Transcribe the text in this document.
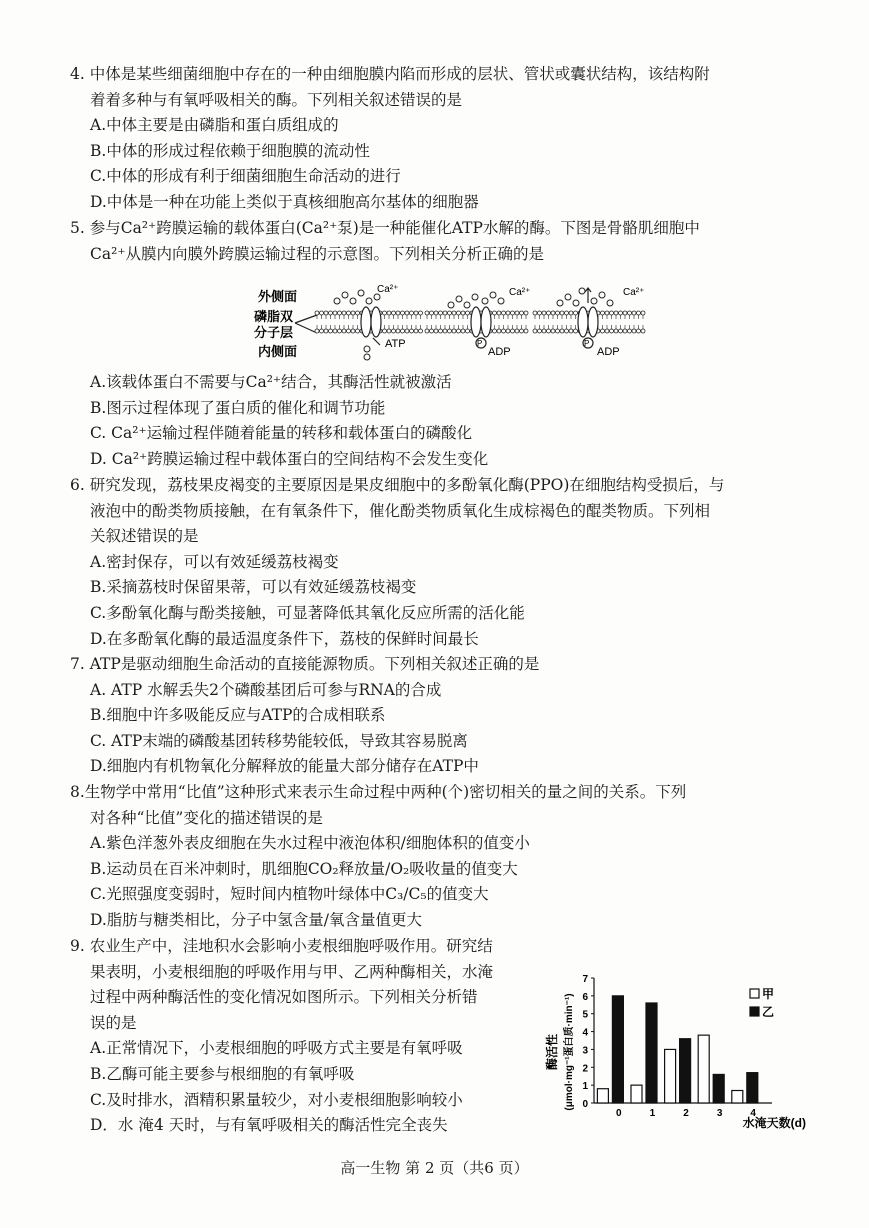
4. 中体是某些细菌细胞中存在的一种由细胞膜内陷而形成的层状、管状或囊状结构，该结构附
着着多种与有氧呼吸相关的酶。下列相关叙述错误的是
A.中体主要是由磷脂和蛋白质组成的
B.中体的形成过程依赖于细胞膜的流动性
C.中体的形成有利于细菌细胞生命活动的进行
D.中体是一种在功能上类似于真核细胞高尔基体的细胞器
5. 参与Ca²⁺跨膜运输的载体蛋白(Ca²⁺泵)是一种能催化ATP水解的酶。下图是骨骼肌细胞中
Ca²⁺从膜内向膜外跨膜运输过程的示意图。下列相关分析正确的是
外侧面
内侧面
磷脂双
分子层
Ca²⁺	Ca²⁺	Ca²⁺
ATP
ADP	ADP
P	P
A.该载体蛋白不需要与Ca²⁺结合，其酶活性就被激活
B.图示过程体现了蛋白质的催化和调节功能
C. Ca²⁺运输过程伴随着能量的转移和载体蛋白的磷酸化
D. Ca²⁺跨膜运输过程中载体蛋白的空间结构不会发生变化
6. 研究发现，荔枝果皮褐变的主要原因是果皮细胞中的多酚氧化酶(PPO)在细胞结构受损后，与
液泡中的酚类物质接触，在有氧条件下，催化酚类物质氧化生成棕褐色的醌类物质。下列相
关叙述错误的是
A.密封保存，可以有效延缓荔枝褐变
B.采摘荔枝时保留果蒂，可以有效延缓荔枝褐变
C.多酚氧化酶与酚类接触，可显著降低其氧化反应所需的活化能
D.在多酚氧化酶的最适温度条件下，荔枝的保鲜时间最长
7. ATP是驱动细胞生命活动的直接能源物质。下列相关叙述正确的是
A. ATP 水解丢失2个磷酸基团后可参与RNA的合成
B.细胞中许多吸能反应与ATP的合成相联系
C. ATP末端的磷酸基团转移势能较低，导致其容易脱离
D.细胞内有机物氧化分解释放的能量大部分储存在ATP中
8.生物学中常用“比值”这种形式来表示生命过程中两种(个)密切相关的量之间的关系。下列
对各种“比值”变化的描述错误的是
A.紫色洋葱外表皮细胞在失水过程中液泡体积/细胞体积的值变小
B.运动员在百米冲刺时，肌细胞CO₂释放量/O₂吸收量的值变大
C.光照强度变弱时，短时间内植物叶绿体中C₃/C₅的值变大
D.脂肪与糖类相比，分子中氢含量/氧含量值更大
9. 农业生产中，洼地积水会影响小麦根细胞呼吸作用。研究结
果表明，小麦根细胞的呼吸作用与甲、乙两种酶相关，水淹
过程中两种酶活性的变化情况如图所示。下列相关分析错
误的是
A.正常情况下，小麦根细胞的呼吸方式主要是有氧呼吸
B.乙酶可能主要参与根细胞的有氧呼吸
C.及时排水，酒精积累量较少，对小麦根细胞影响较小
D．水 淹4 天时，与有氧呼吸相关的酶活性完全丧失
0
1
2
3
4
5
6
7
0	1	2	3	4
酶活性 (μmol·mg⁻¹蛋白质·min⁻¹)
水淹天数(d)
甲
乙
高一生物 第 2 页（共6 页）
